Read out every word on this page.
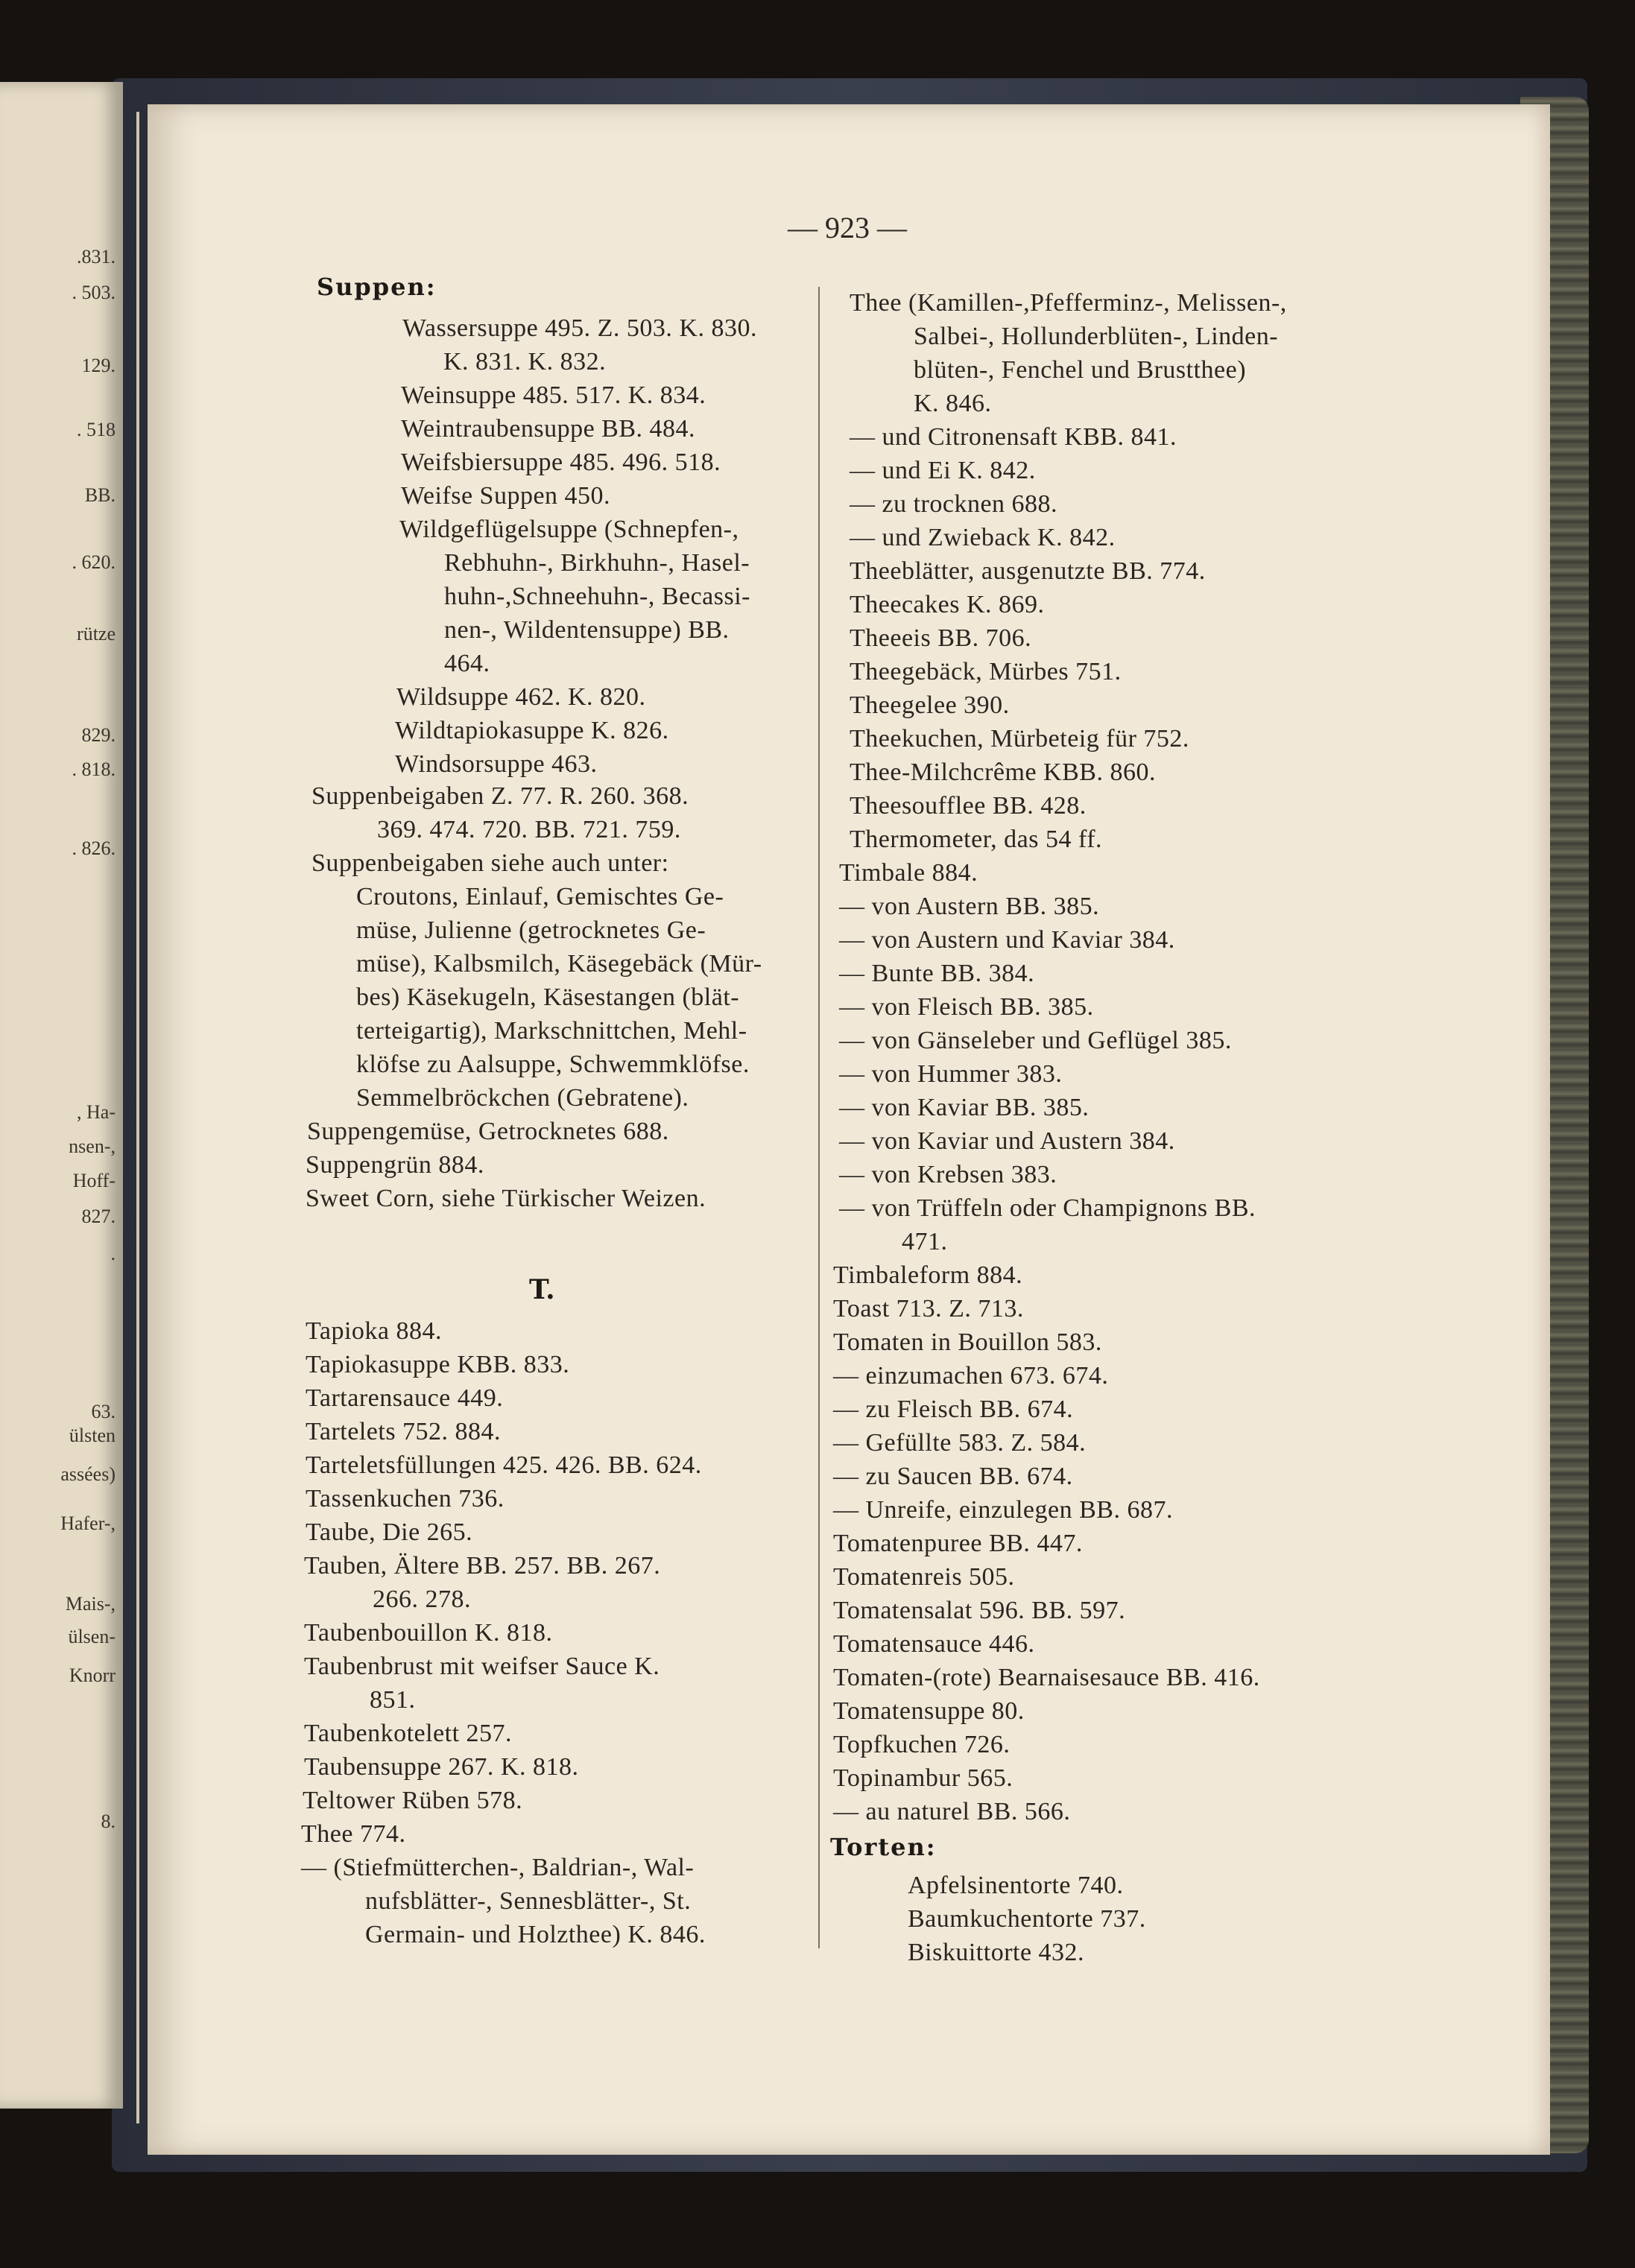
.831.
. 503.
129.
. 518
BB.
. 620.
rütze
829.
. 818.
. 826.
, Ha-
nsen-,
Hoff-
827.
.
63.
ülsten
assées)
Hafer-,
Mais-,
ülsen-
Knorr
8.
— 923 —
Suppen:
Wassersuppe 495. Z. 503. K. 830.
K. 831. K. 832.
Weinsuppe 485. 517. K. 834.
Weintraubensuppe BB. 484.
Weifsbiersuppe 485. 496. 518.
Weifse Suppen 450.
Wildgeflügelsuppe (Schnepfen-,
Rebhuhn-, Birkhuhn-, Hasel-
huhn-,Schneehuhn-, Becassi-
nen-, Wildentensuppe) BB.
464.
Wildsuppe 462. K. 820.
Wildtapiokasuppe K. 826.
Windsorsuppe 463.
Suppenbeigaben Z. 77. R. 260. 368.
369. 474. 720. BB. 721. 759.
Suppenbeigaben siehe auch unter:
Croutons, Einlauf, Gemischtes Ge-
müse, Julienne (getrocknetes Ge-
müse), Kalbsmilch, Käsegebäck (Mür-
bes) Käsekugeln, Käsestangen (blät-
terteigartig), Markschnittchen, Mehl-
klöfse zu Aalsuppe, Schwemmklöfse.
Semmelbröckchen (Gebratene).
Suppengemüse, Getrocknetes 688.
Suppengrün 884.
Sweet Corn, siehe Türkischer Weizen.
T.
Tapioka 884.
Tapiokasuppe KBB. 833.
Tartarensauce 449.
Tartelets 752. 884.
Tarteletsfüllungen 425. 426. BB. 624.
Tassenkuchen 736.
Taube, Die 265.
Tauben, Ältere BB. 257. BB. 267.
266. 278.
Taubenbouillon K. 818.
Taubenbrust mit weifser Sauce K.
851.
Taubenkotelett 257.
Taubensuppe 267. K. 818.
Teltower Rüben 578.
Thee 774.
— (Stiefmütterchen-, Baldrian-, Wal-
nufsblätter-, Sennesblätter-, St.
Germain- und Holzthee) K. 846.
Thee (Kamillen-,Pfefferminz-, Melissen-,
Salbei-, Hollunderblüten-, Linden-
blüten-, Fenchel und Brustthee)
K. 846.
— und Citronensaft KBB. 841.
— und Ei K. 842.
— zu trocknen 688.
— und Zwieback K. 842.
Theeblätter, ausgenutzte BB. 774.
Theecakes K. 869.
Theeeis BB. 706.
Theegebäck, Mürbes 751.
Theegelee 390.
Theekuchen, Mürbeteig für 752.
Thee-Milchcrême KBB. 860.
Theesoufflee BB. 428.
Thermometer, das 54 ff.
Timbale 884.
— von Austern BB. 385.
— von Austern und Kaviar 384.
— Bunte BB. 384.
— von Fleisch BB. 385.
— von Gänseleber und Geflügel 385.
— von Hummer 383.
— von Kaviar BB. 385.
— von Kaviar und Austern 384.
— von Krebsen 383.
— von Trüffeln oder Champignons BB.
471.
Timbaleform 884.
Toast 713. Z. 713.
Tomaten in Bouillon 583.
— einzumachen 673. 674.
— zu Fleisch BB. 674.
— Gefüllte 583. Z. 584.
— zu Saucen BB. 674.
— Unreife, einzulegen BB. 687.
Tomatenpuree BB. 447.
Tomatenreis 505.
Tomatensalat 596. BB. 597.
Tomatensauce 446.
Tomaten-(rote) Bearnaisesauce BB. 416.
Tomatensuppe 80.
Topfkuchen 726.
Topinambur 565.
— au naturel BB. 566.
Torten:
Apfelsinentorte 740.
Baumkuchentorte 737.
Biskuittorte 432.
